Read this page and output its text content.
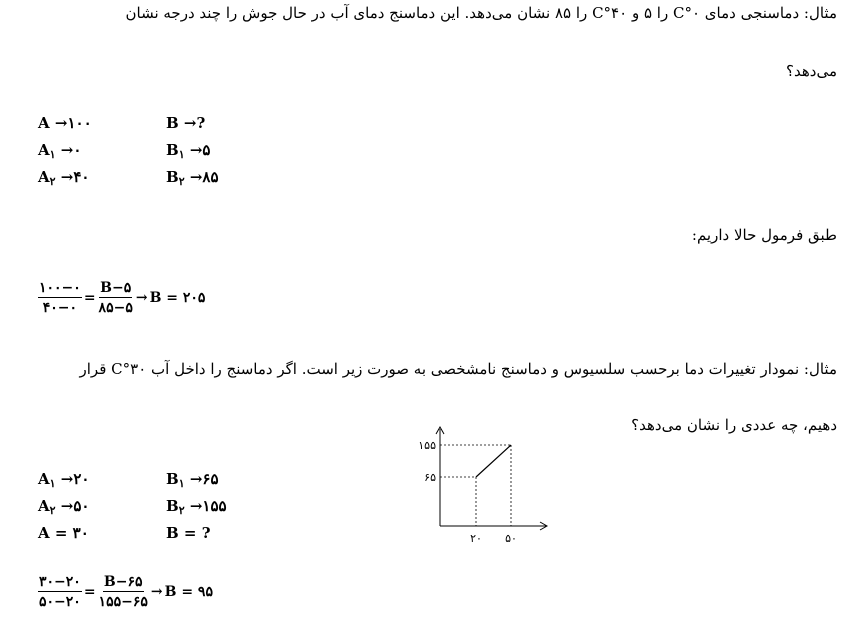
مثال: دماسنجی دمای ۰°C را ۵ و ۴۰°C را ۸۵ نشان می‌دهد. این دماسنج دمای آب در حال جوش را چند درجه نشان
می‌دهد؟
A →۱۰۰	B →?
$A_۱$ →۰	$B_۱$ →۵
$A_۲$ →۴۰	$B_۲$ →۸۵
طبق فرمول حالا داریم:
$\frac{۱۰۰-۰}{۴۰-۰} = \frac{B-۵}{۸۵-۵} \to B$ = ۲۰۵
مثال: نمودار تغییرات دما برحسب سلسیوس و دماسنج نامشخصی به صورت زیر است. اگر دماسنج را داخل آب ۳۰°C قرار
دهیم، چه عددی را نشان می‌دهد؟
$A_۱$ →۲۰	$B_۱$ →۶۵
$A_۲$ →۵۰	$B_۲$ →۱۵۵
A = ۳۰	B = ?
$\frac{۳۰-۲۰}{۵۰-۲۰} = \frac{B-۶۵}{۱۵۵-۶۵} \to B$ = ۹۵
۶۵
۱۵۵
۲۰ ۵۰
